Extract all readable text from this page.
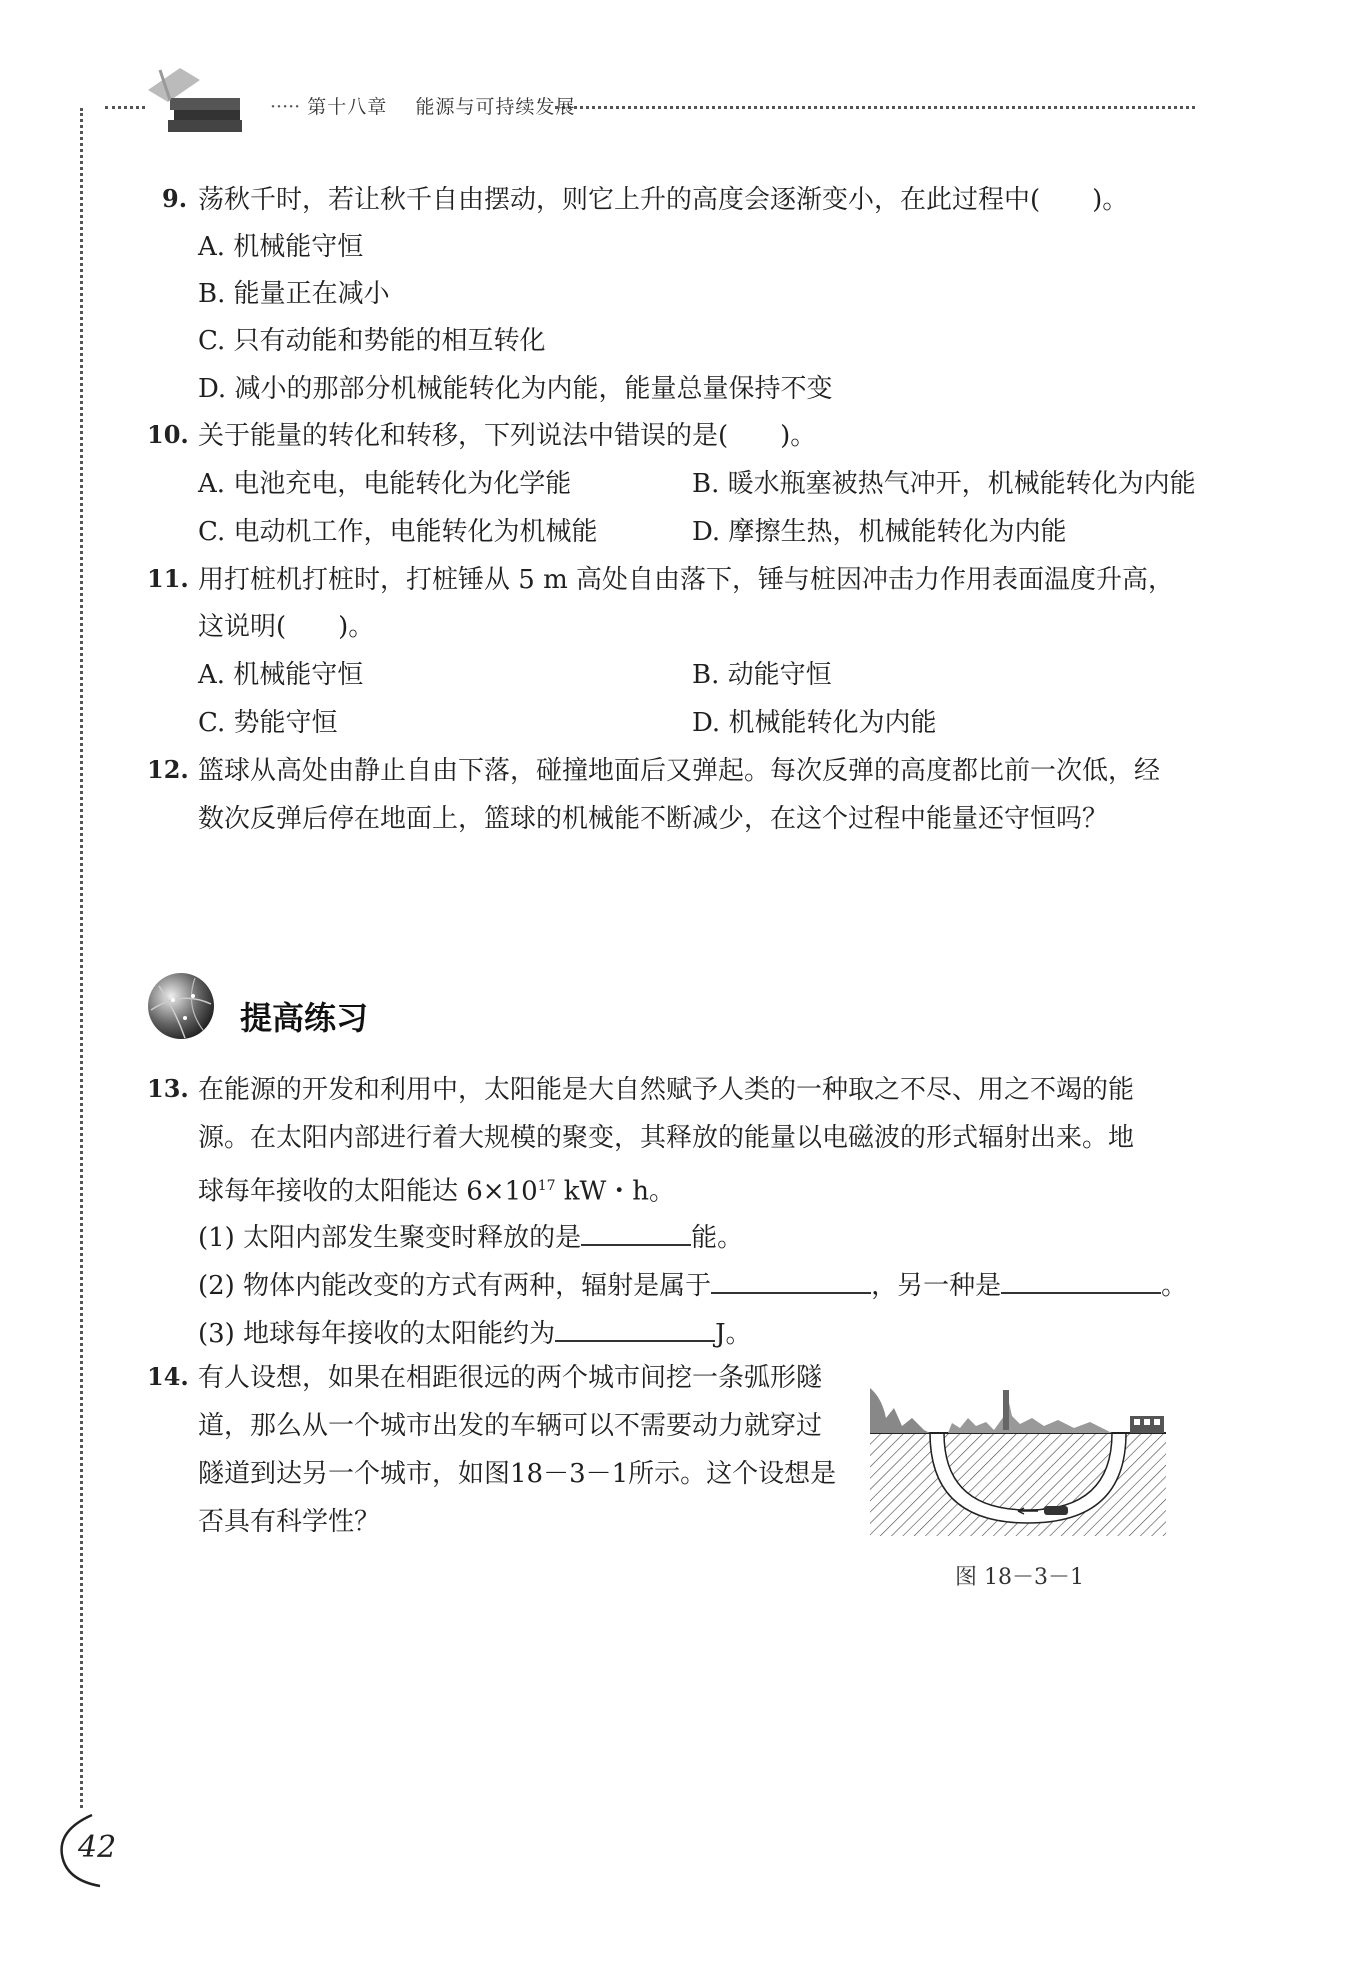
····· 第十八章 能源与可持续发展
9. 荡秋千时，若让秋千自由摆动，则它上升的高度会逐渐变小，在此过程中(　　)。
A. 机械能守恒
B. 能量正在减小
C. 只有动能和势能的相互转化
D. 减小的那部分机械能转化为内能，能量总量保持不变
10. 关于能量的转化和转移，下列说法中错误的是(　　)。
A. 电池充电，电能转化为化学能	B. 暖水瓶塞被热气冲开，机械能转化为内能
C. 电动机工作，电能转化为机械能	D. 摩擦生热，机械能转化为内能
11. 用打桩机打桩时，打桩锤从 5 m 高处自由落下，锤与桩因冲击力作用表面温度升高，
这说明(　　)。
A. 机械能守恒	B. 动能守恒
C. 势能守恒	D. 机械能转化为内能
12. 篮球从高处由静止自由下落，碰撞地面后又弹起。每次反弹的高度都比前一次低，经
数次反弹后停在地面上，篮球的机械能不断减少，在这个过程中能量还守恒吗？
提高练习
13. 在能源的开发和利用中，太阳能是大自然赋予人类的一种取之不尽、用之不竭的能
源。在太阳内部进行着大规模的聚变，其释放的能量以电磁波的形式辐射出来。地
球每年接收的太阳能达 $6\times 10^{17}$ kW・h。
(1) 太阳内部发生聚变时释放的是	能。
(2) 物体内能改变的方式有两种，辐射是属于	，另一种是	。
(3) 地球每年接收的太阳能约为	J。
14. 有人设想，如果在相距很远的两个城市间挖一条弧形隧
道，那么从一个城市出发的车辆可以不需要动力就穿过
隧道到达另一个城市，如图18－3－1所示。这个设想是
否具有科学性？
图 18－3－1
42
